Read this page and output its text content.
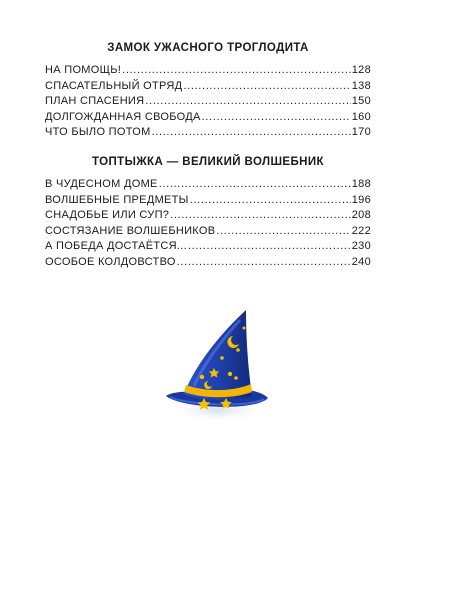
ЗАМОК УЖАСНОГО ТРОГЛОДИТА
НА ПОМОЩЬ! . . .	128
СПАСАТЕЛЬНЫЙ ОТРЯД . . .	138
ПЛАН СПАСЕНИЯ . . .	150
ДОЛГОЖДАННАЯ СВОБОДА . . .	160
ЧТО БЫЛО ПОТОМ . . .	170
ТОПТЫЖКА — ВЕЛИКИЙ ВОЛШЕБНИК
В ЧУДЕСНОМ ДОМЕ . . .	188
ВОЛШЕБНЫЕ ПРЕДМЕТЫ . . .	196
СНАДОБЬЕ ИЛИ СУП? . . .	208
СОСТЯЗАНИЕ ВОЛШЕБНИКОВ . . .	222
А ПОБЕДА ДОСТАЁТСЯ... . . .	230
ОСОБОЕ КОЛДОВСТВО . . .	240
